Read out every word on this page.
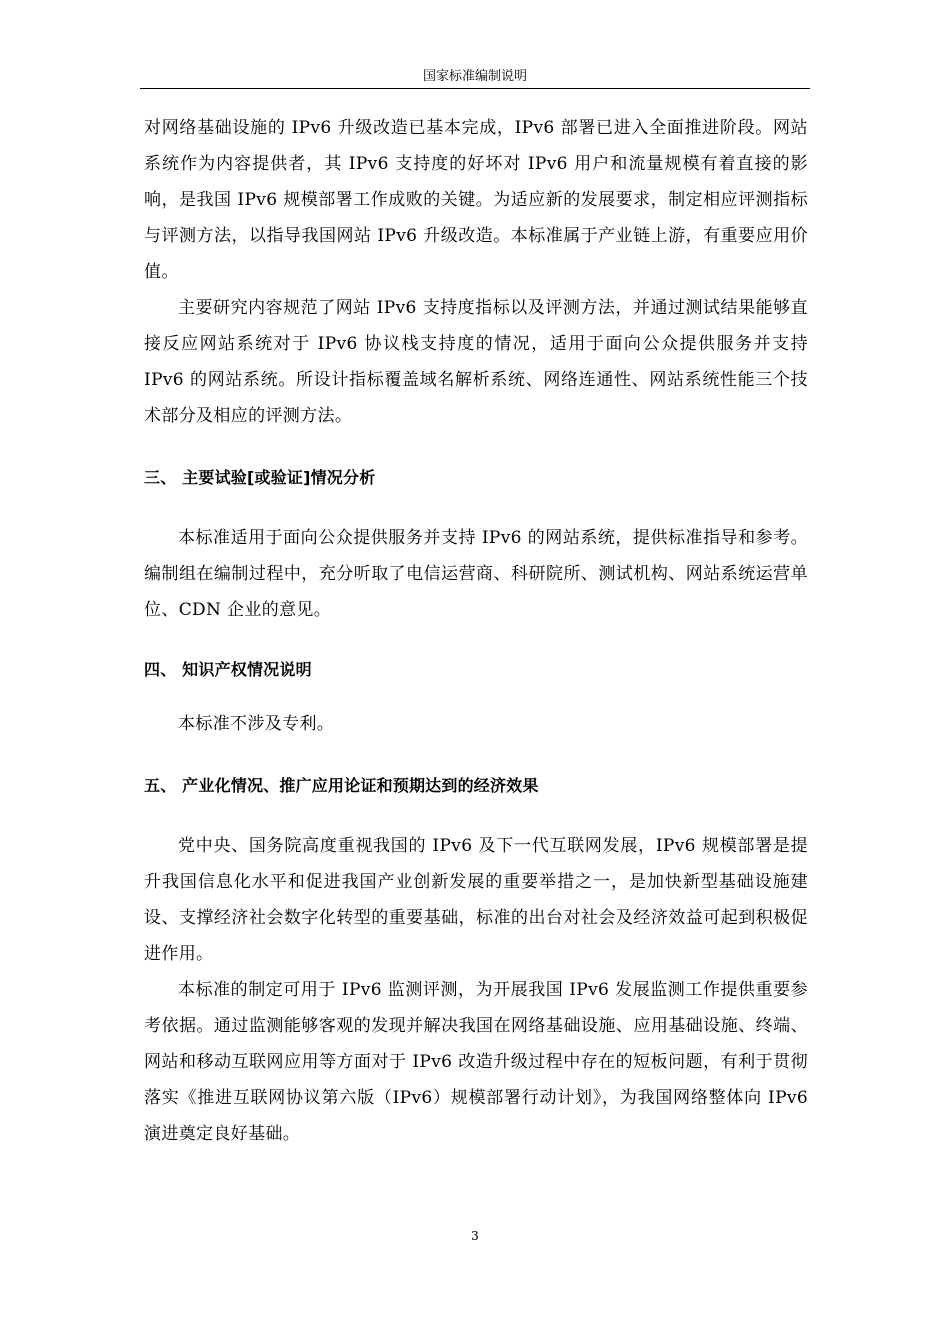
国家标准编制说明

对网络基础设施的 IPv6 升级改造已基本完成，IPv6 部署已进入全面推进阶段。网站系统作为内容提供者，其 IPv6 支持度的好坏对 IPv6 用户和流量规模有着直接的影响，是我国 IPv6 规模部署工作成败的关键。为适应新的发展要求，制定相应评测指标与评测方法，以指导我国网站 IPv6 升级改造。本标准属于产业链上游，有重要应用价值。

主要研究内容规范了网站 IPv6 支持度指标以及评测方法，并通过测试结果能够直接反应网站系统对于 IPv6 协议栈支持度的情况，适用于面向公众提供服务并支持 IPv6 的网站系统。所设计指标覆盖域名解析系统、网络连通性、网站系统性能三个技术部分及相应的评测方法。

三、 主要试验[或验证]情况分析

本标准适用于面向公众提供服务并支持 IPv6 的网站系统，提供标准指导和参考。编制组在编制过程中，充分听取了电信运营商、科研院所、测试机构、网站系统运营单位、CDN 企业的意见。

四、 知识产权情况说明

本标准不涉及专利。

五、 产业化情况、推广应用论证和预期达到的经济效果

党中央、国务院高度重视我国的 IPv6 及下一代互联网发展，IPv6 规模部署是提升我国信息化水平和促进我国产业创新发展的重要举措之一，是加快新型基础设施建设、支撑经济社会数字化转型的重要基础，标准的出台对社会及经济效益可起到积极促进作用。

本标准的制定可用于 IPv6 监测评测，为开展我国 IPv6 发展监测工作提供重要参考依据。通过监测能够客观的发现并解决我国在网络基础设施、应用基础设施、终端、网站和移动互联网应用等方面对于 IPv6 改造升级过程中存在的短板问题，有利于贯彻落实《推进互联网协议第六版（IPv6）规模部署行动计划》，为我国网络整体向 IPv6 演进奠定良好基础。

3
